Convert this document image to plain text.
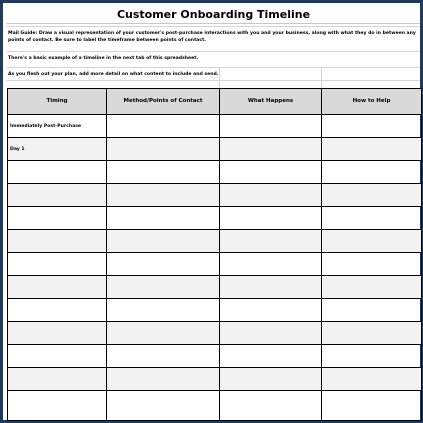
Customer Onboarding Timeline
Mail Guide: Draw a visual representation of your customer's post-purchase interactions with you and your business, along with what they do in between any points of contact. Be sure to label the timeframe between points of contact.
There's a basic example of a timeline in the next tab of this spreadsheet.
As you flesh out your plan, add more detail on what content to include and send.
Timing	Method/Points of Contact	What Happens	How to Help
Immediately Post-Purchase			
Day 1			
